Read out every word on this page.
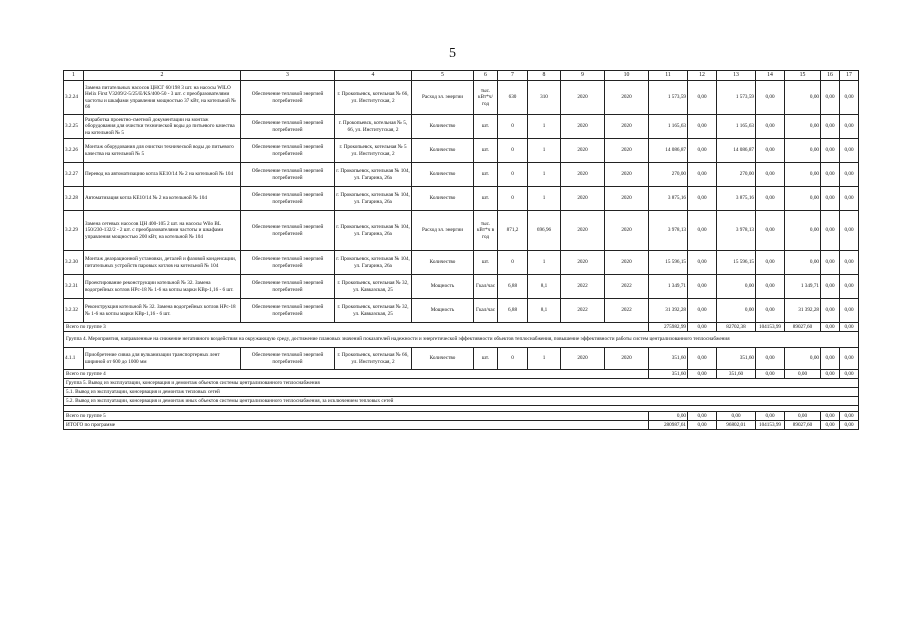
5
1	2	3	4	5	6	7	8	9	10	11	12	13	14	15	16	17
3.2.24	Замена питательных насосов ЦНСГ 60/198 3 шт. на насосы WILO Helix First V3209/2-5/25/E/KS/400-50 - 3 шт. с преобразователями частоты и шкафами управления мощностью 37 кВт, на котельной № 66	Обеспечение тепловой энергией потребителей	г. Прокопьевск, котельная № 66, ул. Институтская, 2	Расход эл. энергии	тыс. кВт*ч/ год	630	310	2020	2020	1 573,59	0,00	1 573,59	0,00	0,00	0,00	0,00
3.2.25	Разработка проектно-сметной документации на монтаж оборудования для очистки технической воды до питьевого качества на котельной № 5	Обеспечение тепловой энергией потребителей	г. Прокопьевск, котельная № 5, 66, ул. Институтская, 2	Количество	шт.	0	1	2020	2020	1 165,63	0,00	1 165,63	0,00	0,00	0,00	0,00
3.2.26	Монтаж оборудования для очистки технической воды до питьевого качества на котельной № 5	Обеспечение тепловой энергией потребителей	г. Прокопьевск, котельная № 5 ул. Институтская, 2	Количество	шт.	0	1	2020	2020	14 086,87	0,00	14 086,87	0,00	0,00	0,00	0,00
3.2.27	Перевод на автоматизацию котла КЕ10/14 № 2 на котельной № 104	Обеспечение тепловой энергией потребителей	г. Прокопьевск, котельная № 104, ул. Гагарина, 26а	Количество	шт.	0	1	2020	2020	270,00	0,00	270,00	0,00	0,00	0,00	0,00
3.2.28	Автоматизация котла КЕ10/14 № 2 на котельной № 104	Обеспечение тепловой энергией потребителей	г. Прокопьевск, котельная № 104, ул. Гагарина, 26а	Количество	шт.	0	1	2020	2020	3 875,16	0,00	3 875,16	0,00	0,00	0,00	0,00
3.2.29	Замена сетевых насосов ЦН 400-105 2 шт. на насосы Wilo BL 150/230-132/2 - 2 шт. с преобразователями частоты и шкафами управления мощностью 200 кВт, на котельной № 104	Обеспечение тепловой энергией потребителей	г. Прокопьевск, котельная № 104, ул. Гагарина, 26а	Расход эл. энергии	тыс. кВт*ч в год	871,2	696,96	2020	2020	3 978,13	0,00	3 978,13	0,00	0,00	0,00	0,00
3.2.30	Монтаж деаэрационной установки, деталей и фазовой конденсации, питательных устройств паровых котлов на котельной № 104	Обеспечение тепловой энергией потребителей	г. Прокопьевск, котельная № 104, ул. Гагарина, 26а	Количество	шт.	0	1	2020	2020	15 596,15	0,00	15 596,15	0,00	0,00	0,00	0,00
3.2.31	Проектирование реконструкции котельной № 32. Замена водогрейных котлов НРс-18 № 1-6 на котлы марки КВр-1,16 - 6 шт.	Обеспечение тепловой энергией потребителей	г. Прокопьевск, котельная № 32, ул. Кавказская, 25	Мощность	Гкал/час	6,88	8,1	2022	2022	1 349,71	0,00	0,00	0,00	1 349,71	0,00	0,00
3.2.32	Реконструкция котельной № 32. Замена водогрейных котлов НРс-18 № 1-6 на котлы марки КВр-1,16 - 6 шт.	Обеспечение тепловой энергией потребителей	г. Прокопьевск, котельная № 32, ул. Кавказская, 25	Мощность	Гкал/час	6,88	8,1	2022	2022	31 392,28	0,00	0,00	0,00	31 392,28	0,00	0,00
Всего по группе 3										275982,99	0,00	82702,38	104153,99	89027,60	0,00	0,00
Группа 4. Мероприятия, направленные на снижение негативного воздействия на окружающую среду, достижение плановых значений показателей надежности и энергетической эффективности объектов теплоснабжения, повышение эффективности работы систем централизованного теплоснабжения																
4.1.1	Приобретение сивиа для вулканизации транспортерных лент шириной от 600 до 1000 мм	Обеспечение тепловой энергией потребителей	г. Прокопьевск, котельная № 66, ул. Институтская, 2	Количество	шт.	0	1	2020	2020	351,60	0,00	351,60	0,00	0,00	0,00	0,00
Всего по группе 4										351,60	0,00	351,60	0,00	0,00	0,00	0,00
Группа 5. Вывод из эксплуатации, консервация и демонтаж объектов системы централизованного теплоснабжения																
5.1. Вывод из эксплуатации, консервация и демонтаж тепловых сетей																
5.2. Вывод из эксплуатации, консервация и демонтаж иных объектов системы централизованного теплоснабжения, за исключением тепловых сетей																

Всего по группе 5										0,00	0,00	0,00	0,00	0,00	0,00	0,00
ИТОГО по программе										280987,61	0,00	96802,01	104153,99	89027,60	0,00	0,00
